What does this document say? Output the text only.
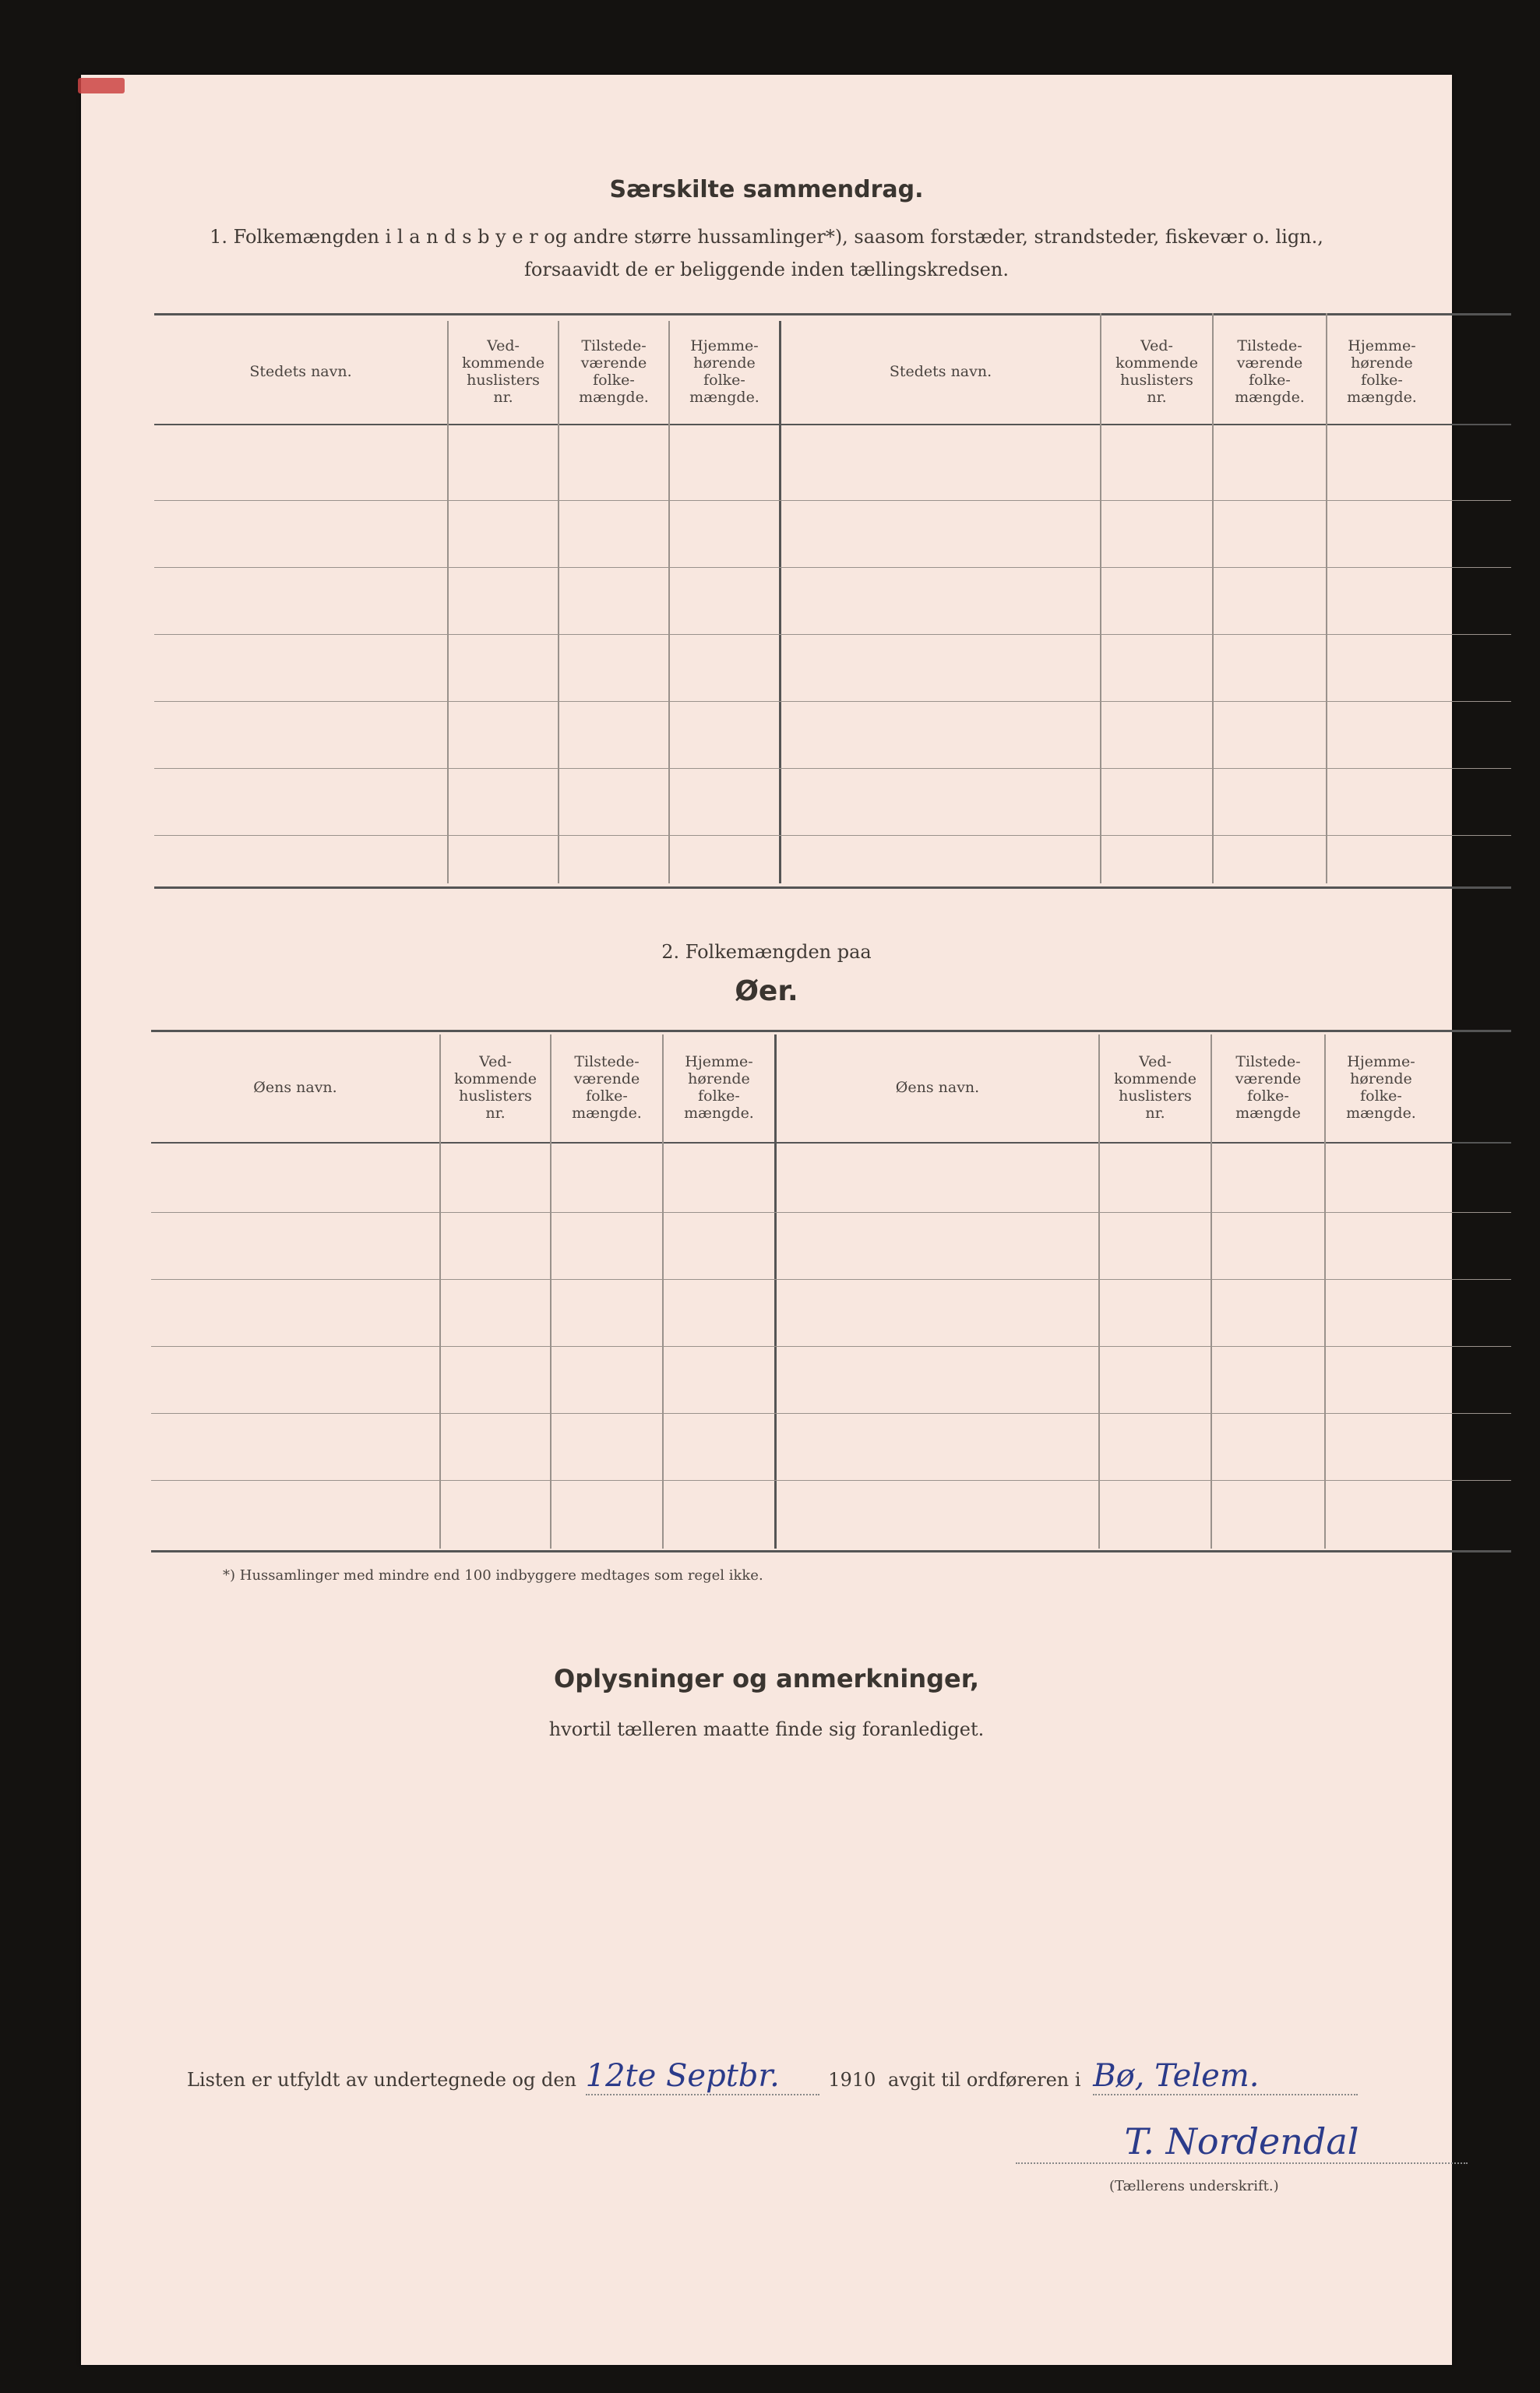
Særskilte sammendrag.
1. Folkemængden i l a n d s b y e r og andre større hussamlinger*), saasom forstæder, strandsteder, fiskevær o. lign.,
forsaavidt de er beliggende inden tællingskredsen.
Stedets navn.
Ved-
kommende
huslisters
nr.
Tilstede-
værende
folke-
mængde.
Hjemme-
hørende
folke-
mængde.
Stedets navn.
Ved-
kommende
huslisters
nr.
Tilstede-
værende
folke-
mængde.
Hjemme-
hørende
folke-
mængde.
2. Folkemængden paa
Øer.
Øens navn.
Ved-
kommende
huslisters
nr.
Tilstede-
værende
folke-
mængde.
Hjemme-
hørende
folke-
mængde.
Øens navn.
Ved-
kommende
huslisters
nr.
Tilstede-
værende
folke-
mængde
Hjemme-
hørende
folke-
mængde.
*) Hussamlinger med mindre end 100 indbyggere medtages som regel ikke.
Oplysninger og anmerkninger,
hvortil tælleren maatte finde sig foranlediget.
Listen er utfyldt av undertegnede og den 12te Septbr.	1910 avgit til ordføreren i Bø, Telem.
T. Nordendal
(Tællerens underskrift.)
